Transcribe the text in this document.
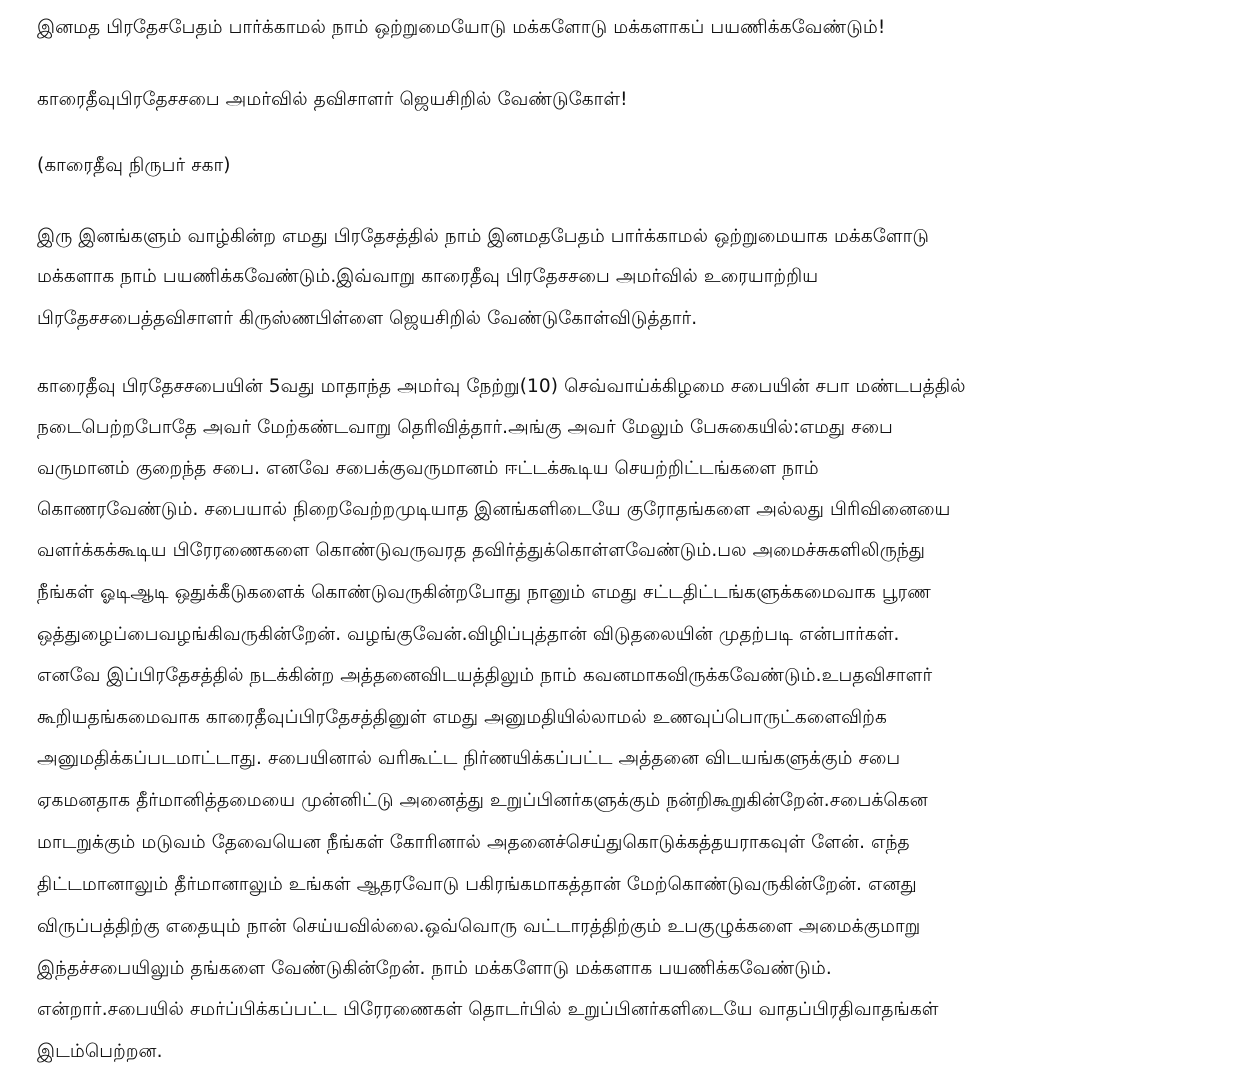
இனமத பிரதேசபேதம் பார்க்காமல் நாம் ஒற்றுமையோடு மக்களோடு மக்களாகப் பயணிக்கவேண்டும்!
காரைதீவுபிரதேசசபை அமர்வில் தவிசாளர் ஜெயசிறில் வேண்டுகோள்!
(காரைதீவு நிருபர் சகா)
இரு இனங்களும் வாழ்கின்ற எமது பிரதேசத்தில் நாம் இனமதபேதம் பார்க்காமல் ஒற்றுமையாக மக்களோடு
மக்களாக நாம் பயணிக்கவேண்டும்.இவ்வாறு காரைதீவு பிரதேசசபை அமர்வில் உரையாற்றிய
பிரதேசசபைத்தவிசாளர் கிருஸ்ணபிள்ளை ஜெயசிறில் வேண்டுகோள்விடுத்தார்.
காரைதீவு பிரதேசசபையின் 5வது மாதாந்த அமர்வு நேற்று(10) செவ்வாய்க்கிழமை சபையின் சபா மண்டபத்தில்
நடைபெற்றபோதே அவர் மேற்கண்டவாறு தெரிவித்தார்.அங்கு அவர் மேலும் பேசுகையில்:எமது சபை
வருமானம் குறைந்த சபை. எனவே சபைக்குவருமானம் ஈட்டக்கூடிய செயற்றிட்டங்களை நாம்
கொணரவேண்டும். சபையால் நிறைவேற்றமுடியாத இனங்களிடையே குரோதங்களை அல்லது பிரிவினையை
வளர்க்கக்கூடிய பிரேரணைகளை கொண்டுவருவரத தவிர்த்துக்கொள்ளவேண்டும்.பல அமைச்சுகளிலிருந்து
நீங்கள் ஓடிஆடி ஒதுக்கீடுகளைக் கொண்டுவருகின்றபோது நானும் எமது சட்டதிட்டங்களுக்கமைவாக பூரண
ஒத்துழைப்பைவழங்கிவருகின்றேன். வழங்குவேன்.விழிப்புத்தான் விடுதலையின் முதற்படி என்பார்கள்.
எனவே இப்பிரதேசத்தில் நடக்கின்ற அத்தனைவிடயத்திலும் நாம் கவனமாகவிருக்கவேண்டும்.உபதவிசாளர்
கூறியதங்கமைவாக காரைதீவுப்பிரதேசத்தினுள் எமது அனுமதியில்லாமல் உணவுப்பொருட்களைவிற்க
அனுமதிக்கப்படமாட்டாது. சபையினால் வரிகூட்ட நிர்ணயிக்கப்பட்ட அத்தனை விடயங்களுக்கும் சபை
ஏகமனதாக தீர்மானித்தமையை முன்னிட்டு அனைத்து உறுப்பினர்களுக்கும் நன்றிகூறுகின்றேன்.சபைக்கென
மாடறுக்கும் மடுவம் தேவையென நீங்கள் கோரினால் அதனைச்செய்துகொடுக்கத்தயராகவுள் ளேன். எந்த
திட்டமானாலும் தீர்மானாலும் உங்கள் ஆதரவோடு பகிரங்கமாகத்தான் மேற்கொண்டுவருகின்றேன். எனது
விருப்பத்திற்கு எதையும் நான் செய்யவில்லை.ஒவ்வொரு வட்டாரத்திற்கும் உபகுழுக்களை அமைக்குமாறு
இந்தச்சபையிலும் தங்களை வேண்டுகின்றேன். நாம் மக்களோடு மக்களாக பயணிக்கவேண்டும்.
என்றார்.சபையில் சமர்ப்பிக்கப்பட்ட பிரேரணைகள் தொடர்பில் உறுப்பினர்களிடையே வாதப்பிரதிவாதங்கள்
இடம்பெற்றன.
